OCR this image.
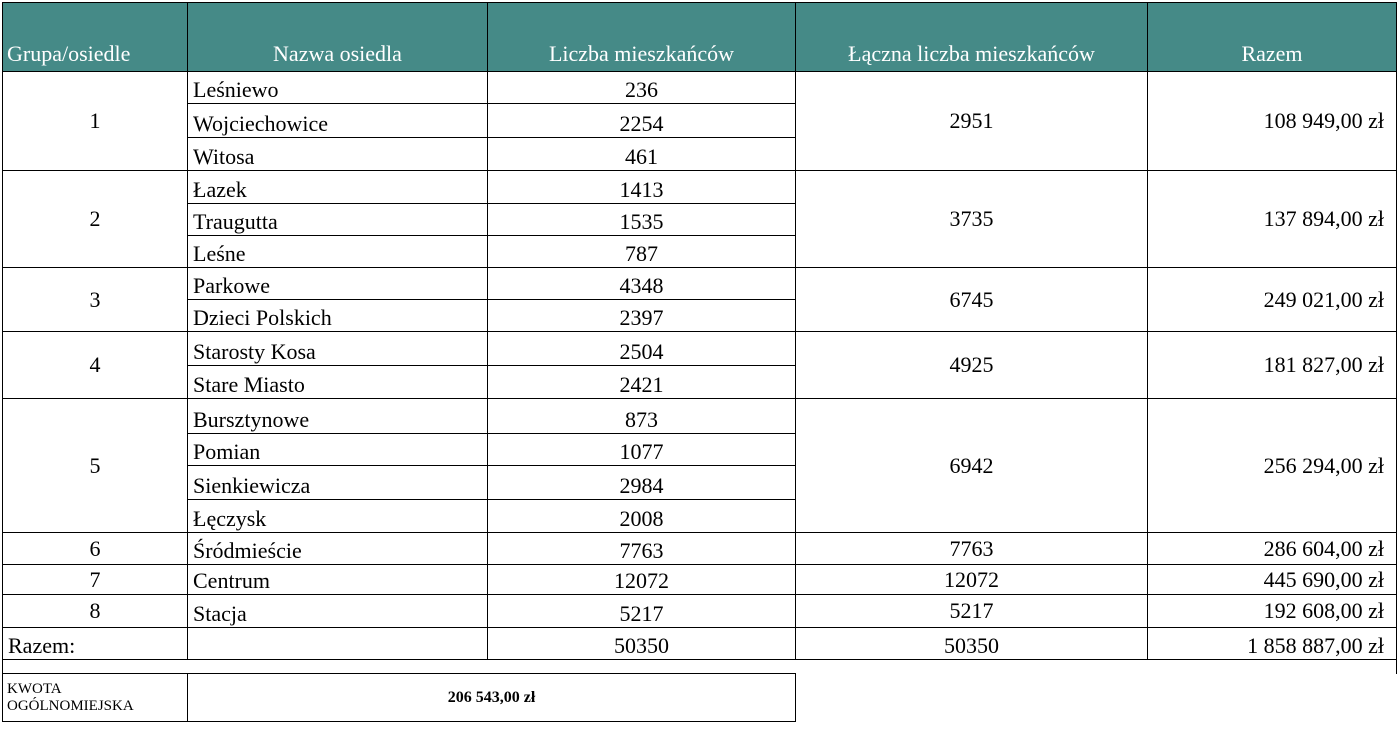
Grupa/osiedle	Nazwa osiedla	Liczba mieszkańców	Łączna liczba mieszkańców	Razem
1	Leśniewo	236	2951	108 949,00 zł
	Wojciechowice	2254		
	Witosa	461		
2	Łazek	1413	3735	137 894,00 zł
	Traugutta	1535		
	Leśne	787		
3	Parkowe	4348	6745	249 021,00 zł
	Dzieci Polskich	2397		
4	Starosty Kosa	2504	4925	181 827,00 zł
	Stare Miasto	2421		
5	Bursztynowe	873	6942	256 294,00 zł
	Pomian	1077		
	Sienkiewicza	2984		
	Łęczysk	2008		
6	Śródmieście	7763	7763	286 604,00 zł
7	Centrum	12072	12072	445 690,00 zł
8	Stacja	5217	5217	192 608,00 zł
Razem:		50350	50350	1 858 887,00 zł

KWOTA OGÓLNOMIEJSKA	206 543,00 zł			
